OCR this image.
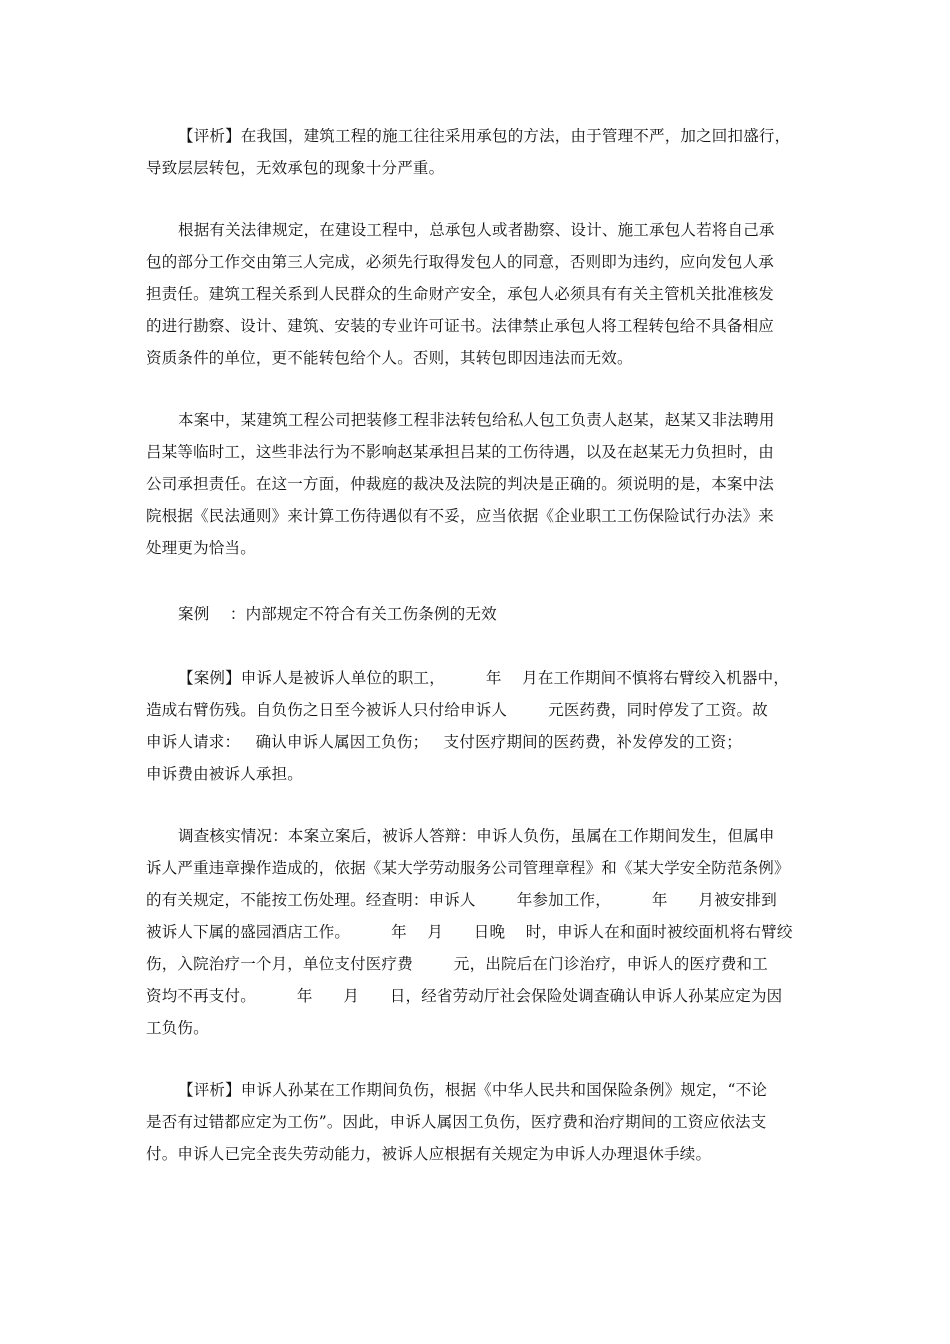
【评析】在我国，建筑工程的施工往往采用承包的方法，由于管理不严，加之回扣盛行，
导致层层转包，无效承包的现象十分严重。
根据有关法律规定，在建设工程中，总承包人或者勘察、设计、施工承包人若将自己承
包的部分工作交由第三人完成，必须先行取得发包人的同意，否则即为违约，应向发包人承
担责任。建筑工程关系到人民群众的生命财产安全，承包人必须具有有关主管机关批准核发
的进行勘察、设计、建筑、安装的专业许可证书。法律禁止承包人将工程转包给不具备相应
资质条件的单位，更不能转包给个人。否则，其转包即因违法而无效。
本案中，某建筑工程公司把装修工程非法转包给私人包工负责人赵某，赵某又非法聘用
吕某等临时工，这些非法行为不影响赵某承担吕某的工伤待遇，以及在赵某无力负担时，由
公司承担责任。在这一方面，仲裁庭的裁决及法院的判决是正确的。须说明的是，本案中法
院根据《民法通则》来计算工伤待遇似有不妥，应当依据《企业职工工伤保险试行办法》来
处理更为恰当。
案例    ：内部规定不符合有关工伤条例的无效
【案例】申诉人是被诉人单位的职工，        年    月在工作期间不慎将右臂绞入机器中，
造成右臂伤残。自负伤之日至今被诉人只付给申诉人        元医药费，同时停发了工资。故
申诉人请求：   确认申诉人属因工负伤；   支付医疗期间的医药费，补发停发的工资；
申诉费由被诉人承担。
调查核实情况：本案立案后，被诉人答辩：申诉人负伤，虽属在工作期间发生，但属申
诉人严重违章操作造成的，依据《某大学劳动服务公司管理章程》和《某大学安全防范条例》
的有关规定，不能按工伤处理。经查明：申诉人        年参加工作，        年      月被安排到
被诉人下属的盛园酒店工作。        年    月      日晚    时，申诉人在和面时被绞面机将右臂绞
伤，入院治疗一个月，单位支付医疗费        元，出院后在门诊治疗，申诉人的医疗费和工
资均不再支付。        年      月      日，经省劳动厅社会保险处调查确认申诉人孙某应定为因
工负伤。
【评析】申诉人孙某在工作期间负伤，根据《中华人民共和国保险条例》规定，“不论
是否有过错都应定为工伤”。因此，申诉人属因工负伤，医疗费和治疗期间的工资应依法支
付。申诉人已完全丧失劳动能力，被诉人应根据有关规定为申诉人办理退休手续。
